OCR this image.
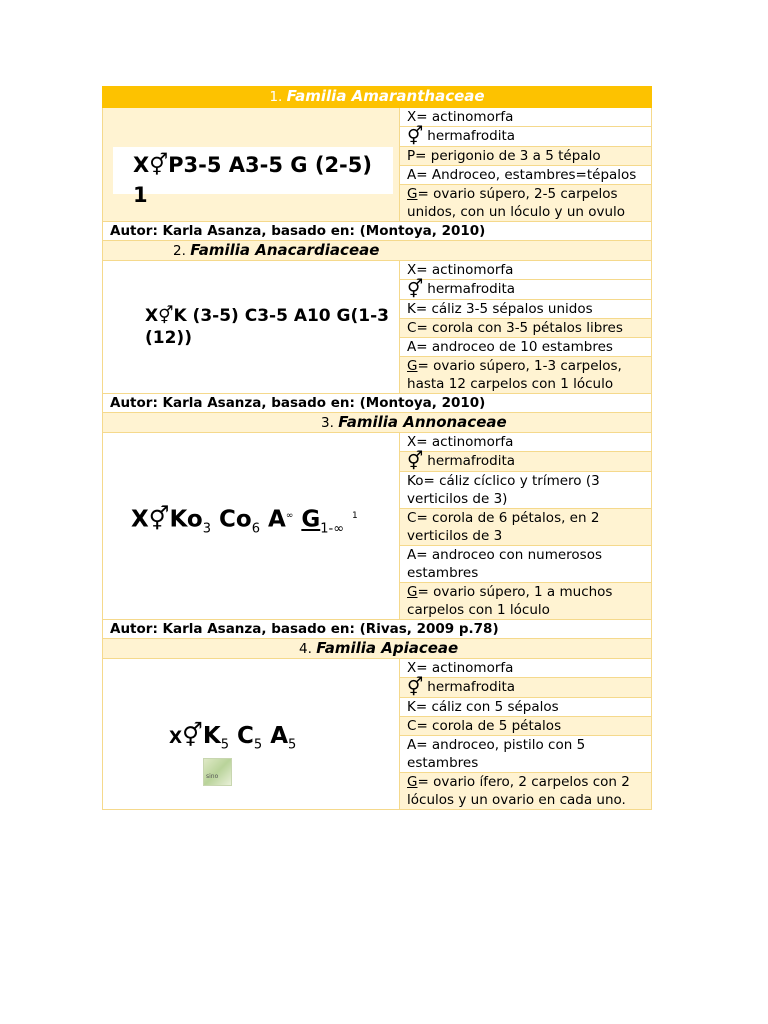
1. Familia Amaranthaceae	

X⚥P3-5 A3-5 G (2-5) 1	X= actinomorfa
	⚥ hermafrodita
	P= perigonio de 3 a 5 tépalo
	A= Androceo, estambres=tépalos
	G= ovario súpero, 2-5 carpelos unidos, con un lóculo y un ovulo
Autor: Karla Asanza, basado en: (Montoya, 2010)	
2. Familia Anacardiaceae	

X⚥K (3-5) C3-5 A10 G(1-3 (12))	X= actinomorfa
	⚥ hermafrodita
	K= cáliz 3-5 sépalos unidos
	C= corola con 3-5 pétalos libres
	A= androceo de 10 estambres
	G= ovario súpero, 1-3 carpelos, hasta 12 carpelos con 1 lóculo
Autor: Karla Asanza, basado en: (Montoya, 2010)	
3. Familia Annonaceae	

$X⚥Ko_3$ $Co_6$ A∞ $G_{1-\infty}$ $^1$	X= actinomorfa
	⚥ hermafrodita
	Ko= cáliz cíclico y trímero (3 verticilos de 3)
	C= corola de 6 pétalos, en 2 verticilos de 3
	A= androceo con numerosos estambres
	G= ovario súpero, 1 a muchos carpelos con 1 lóculo
Autor: Karla Asanza, basado en: (Rivas, 2009 p.78)	
4. Familia Apiaceae	

$X⚥K_5$ $C_5$ $A_5$
sino	X= actinomorfa
	⚥ hermafrodita
	K= cáliz con 5 sépalos
	C= corola de 5 pétalos
	A= androceo, pistilo con 5 estambres
	G= ovario ífero, 2 carpelos con 2 lóculos y un ovario en cada uno.
